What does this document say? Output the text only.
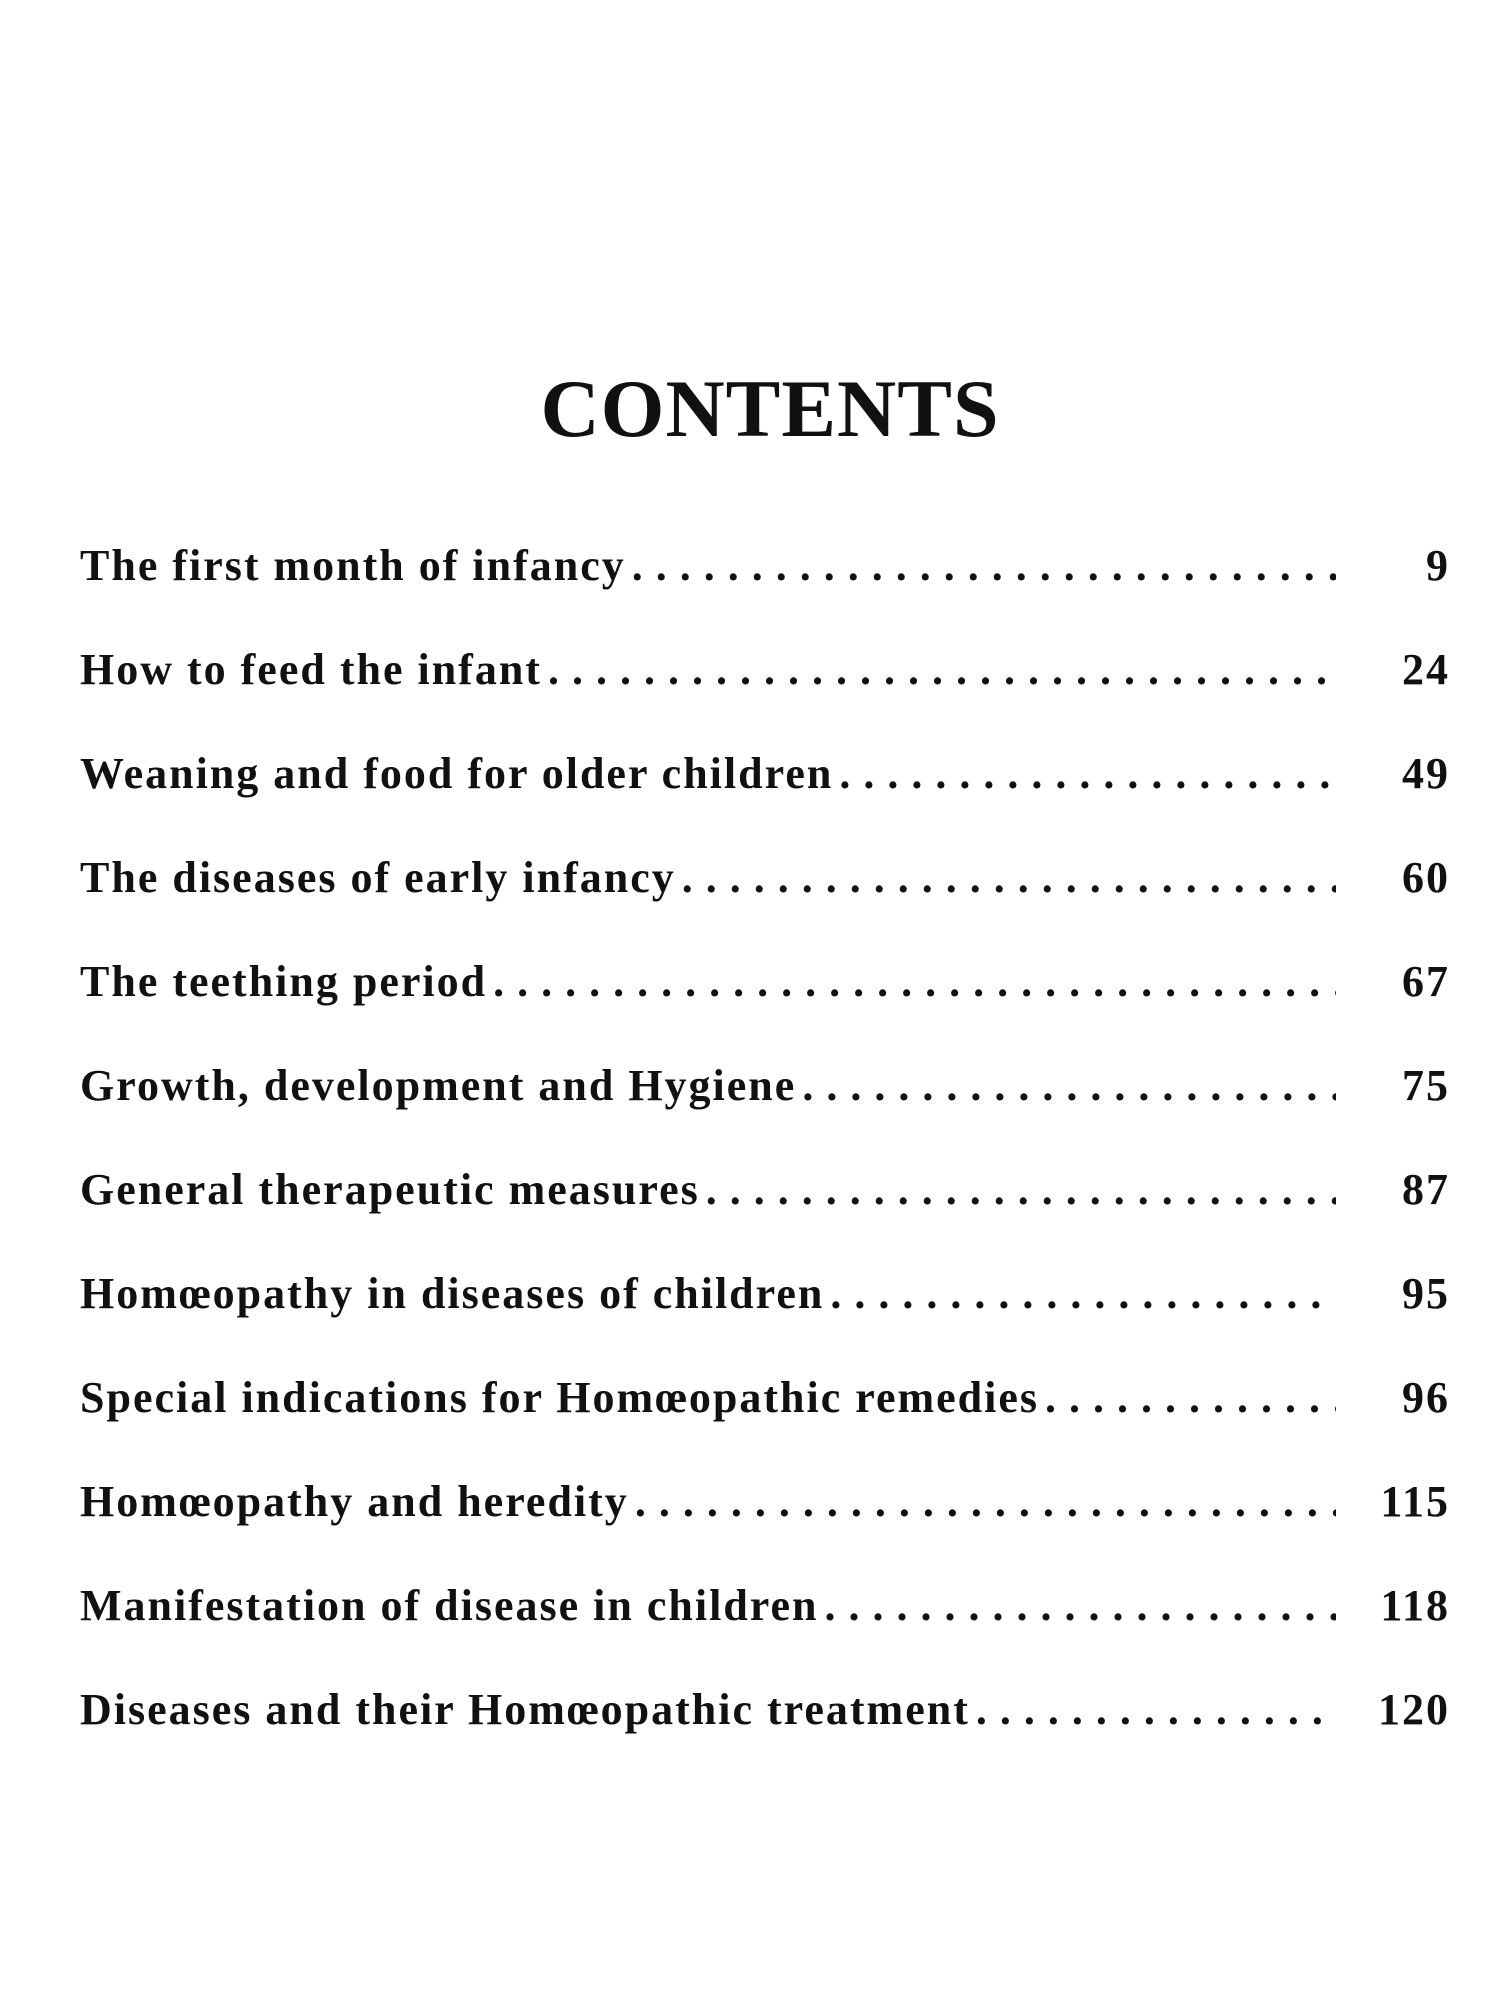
CONTENTS
The first month of infancy . . .	9
How to feed the infant . . .	24
Weaning and food for older children . . .	49
The diseases of early infancy . . .	60
The teething period . . .	67
Growth, development and Hygiene . . .	75
General therapeutic measures . . .	87
Homœopathy in diseases of children . . .	95
Special indications for Homœopathic remedies . . .	96
Homœopathy and heredity . . .	115
Manifestation of disease in children . . .	118
Diseases and their Homœopathic treatment . . .	120
